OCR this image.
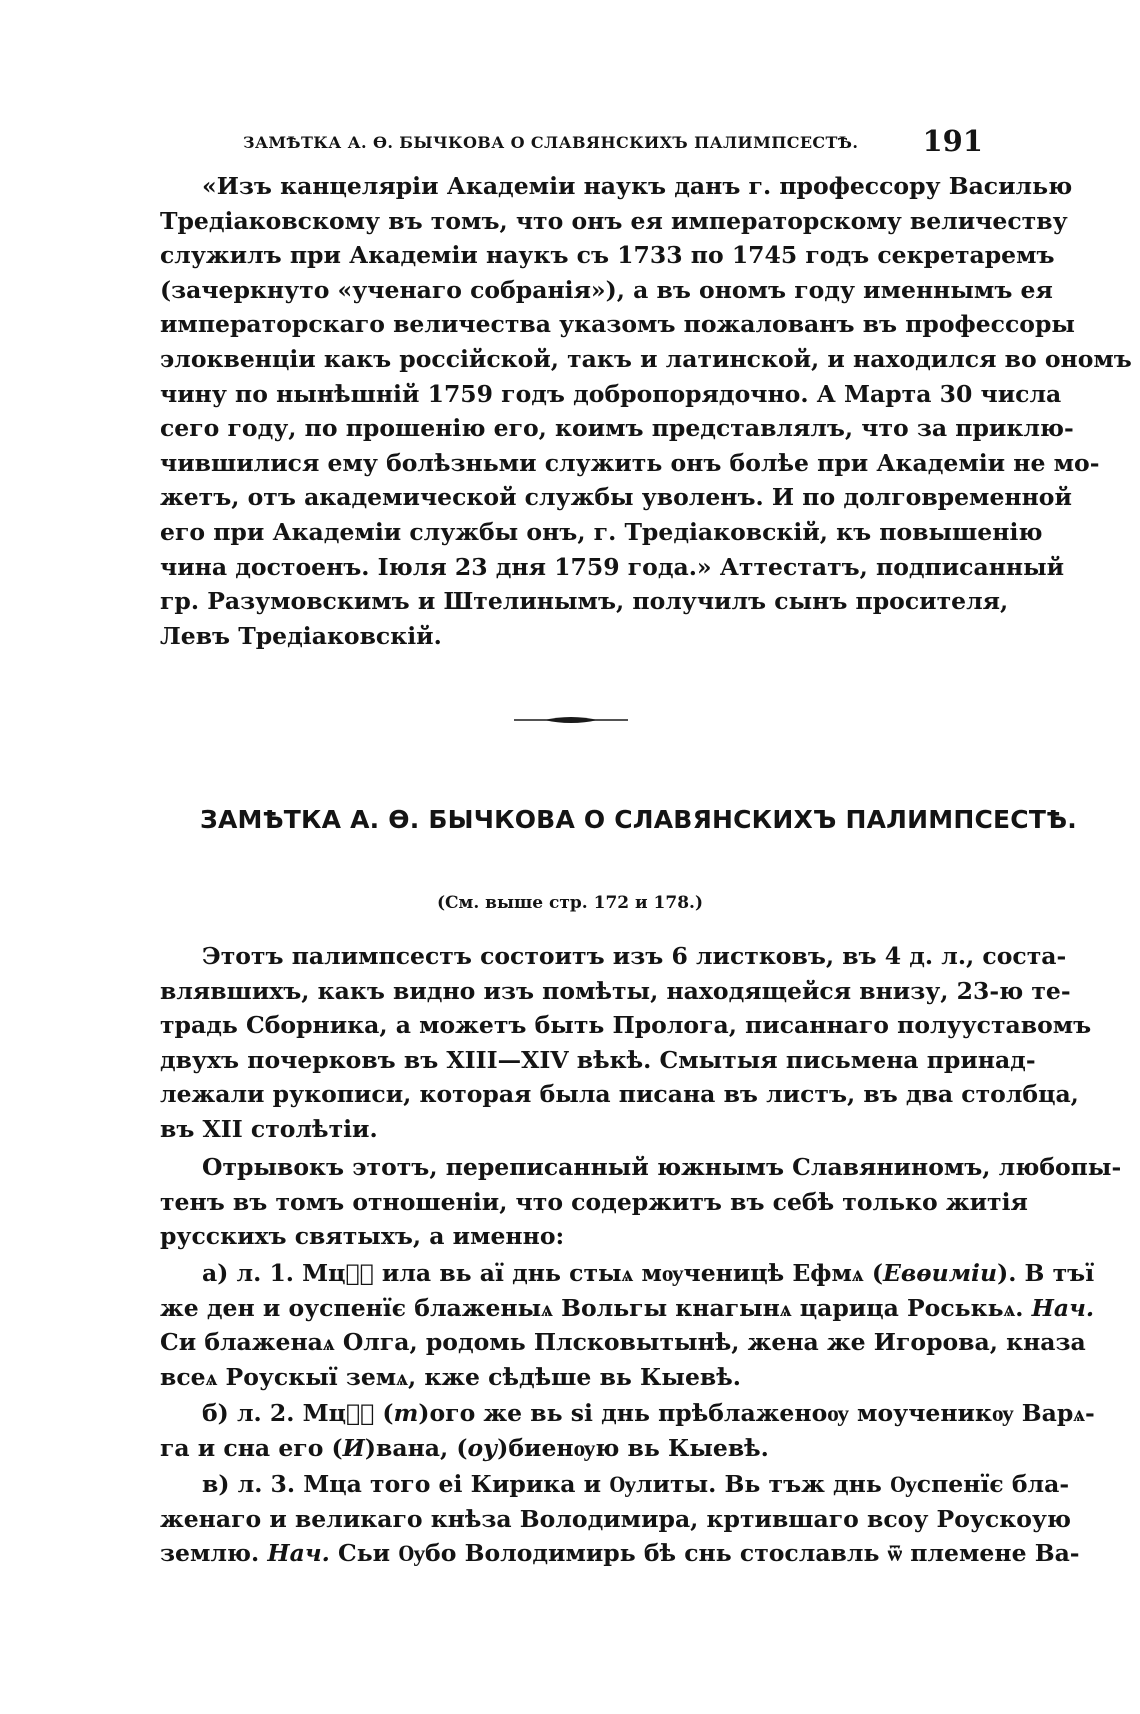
ЗАМѢТКА А. Ѳ. БЫЧКОВА О СЛАВЯНСКИХЪ ПАЛИМПСЕСТѢ. 191
«Изъ канцеляріи Академіи наукъ данъ г. профессору Василью
Тредіаковскому въ томъ, что онъ ея императорскому величеству
служилъ при Академіи наукъ съ 1733 по 1745 годъ секретаремъ
(зачеркнуто «ученаго собранія»), а въ ономъ году именнымъ ея
императорскаго величества указомъ пожалованъ въ профессоры
элоквенціи какъ россійской, такъ и латинской, и находился во ономъ
чину по нынѣшній 1759 годъ добропорядочно. А Марта 30 числа
сего году, по прошенію его, коимъ представлялъ, что за приклю-
чившилися ему болѣзньми служить онъ болѣе при Академіи не мо-
жетъ, отъ академической службы уволенъ. И по долговременной
его при Академіи службы онъ, г. Тредіаковскій, къ повышенію
чина достоенъ. Іюля 23 дня 1759 года.» Аттестатъ, подписанный
гр. Разумовскимъ и Штелинымъ, получилъ сынъ просителя,
Левъ Тредіаковскій.
ЗАМѢТКА А. Ѳ. БЫЧКОВА О СЛАВЯНСКИХЪ ПАЛИМПСЕСТѢ.
(См. выше стр. 172 и 178.)
Этотъ палимпсестъ состоитъ изъ 6 листковъ, въ 4 д. л., соста-
влявшихъ, какъ видно изъ помѣты, находящейся внизу, 23-ю те-
традь Сборника, а можетъ быть Пролога, писаннаго полууставомъ
двухъ почерковъ въ XIII—XIV вѣкѣ. Смытыя письмена принад-
лежали рукописи, которая была писана въ листъ, въ два столбца,
въ XII столѣтіи.
Отрывокъ этотъ, переписанный южнымъ Славяниномъ, любопы-
тенъ въ томъ отношеніи, что содержитъ въ себѣ только житія
русскихъ святыхъ, а именно:
а) л. 1. Мцⷭ҇ ила вь аї днь стыѧ мѹченицѣ Ефмѧ (Евѳиміи). В тъї
же ден и оуспенїє блаженыѧ Вольгы кнагынѧ царица Роськьѧ. Нач.
Си блаженаѧ Олга, родомь Плсковытынѣ, жена же Игорова, кназа
всеѧ Роускыї земѧ, кже сѣдѣше вь Кыевѣ.
б) л. 2. Мцⷭ҇ (т)ого же вь ѕі днь прѣблаженоѹ моученикѹ Варѧ-
га и сна его (И)вана, (оу)биенѹю вь Кыевѣ.
в) л. 3. Мца того еі Кирика и Ѹлиты. Вь тъж днь Ѹспенїє бла-
женаго и великаго кнѣза Володимира, кртившаго всоу Роускоую
землю. Нач. Сьи Ѹбо Володимирь бѣ снь стославль ѿ племене Ва-
